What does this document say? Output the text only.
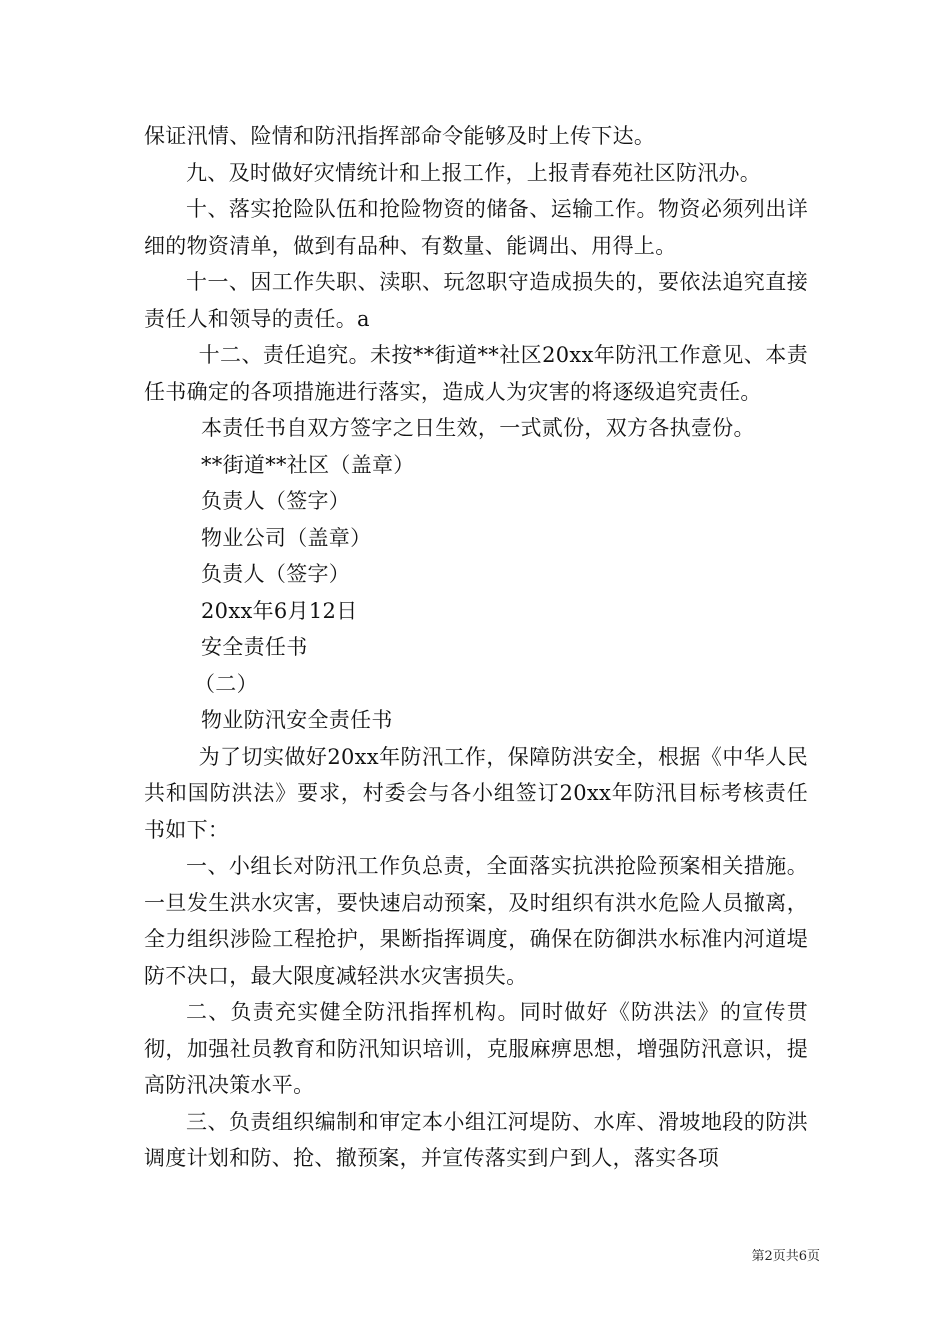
保证汛情、险情和防汛指挥部命令能够及时上传下达。

九、及时做好灾情统计和上报工作，上报青春苑社区防汛办。

十、落实抢险队伍和抢险物资的储备、运输工作。物资必须列出详细的物资清单，做到有品种、有数量、能调出、用得上。

十一、因工作失职、渎职、玩忽职守造成损失的，要依法追究直接责任人和领导的责任。a

十二、责任追究。未按**街道**社区20xx年防汛工作意见、本责任书确定的各项措施进行落实，造成人为灾害的将逐级追究责任。

本责任书自双方签字之日生效，一式贰份，双方各执壹份。

**街道**社区（盖章）

负责人（签字）

物业公司（盖章）

负责人（签字）

20xx年6月12日

安全责任书

（二）

物业防汛安全责任书

为了切实做好20xx年防汛工作，保障防洪安全，根据《中华人民共和国防洪法》要求，村委会与各小组签订20xx年防汛目标考核责任书如下：

一、小组长对防汛工作负总责，全面落实抗洪抢险预案相关措施。一旦发生洪水灾害，要快速启动预案，及时组织有洪水危险人员撤离，全力组织涉险工程抢护，果断指挥调度，确保在防御洪水标准内河道堤防不决口，最大限度减轻洪水灾害损失。

二、负责充实健全防汛指挥机构。同时做好《防洪法》的宣传贯彻，加强社员教育和防汛知识培训，克服麻痹思想，增强防汛意识，提高防汛决策水平。

三、负责组织编制和审定本小组江河堤防、水库、滑坡地段的防洪调度计划和防、抢、撤预案，并宣传落实到户到人，落实各项

第2页共6页
